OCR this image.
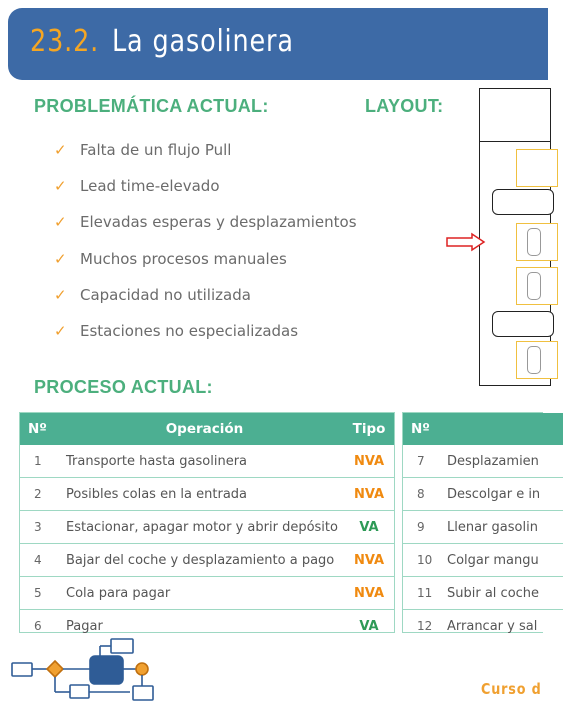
23.2. La gasolinera
PROBLEMÁTICA ACTUAL:	LAYOUT:
✓ Falta de un flujo Pull
✓ Lead time-elevado
✓ Elevadas esperas y desplazamientos
✓ Muchos procesos manuales
✓ Capacidad no utilizada
✓ Estaciones no especializadas
PROCESO ACTUAL:
Nº	Operación	Tipo
1	Transporte hasta gasolinera	NVA
2	Posibles colas en la entrada	NVA
3	Estacionar, apagar motor y abrir depósito	VA
4	Bajar del coche y desplazamiento a pago	NVA
5	Cola para pagar	NVA
6	Pagar	VA
Nº	
7	Desplazamien
8	Descolgar e in
9	Llenar gasolin
10	Colgar mangu
11	Subir al coche
12	Arrancar y sal
Curso d
